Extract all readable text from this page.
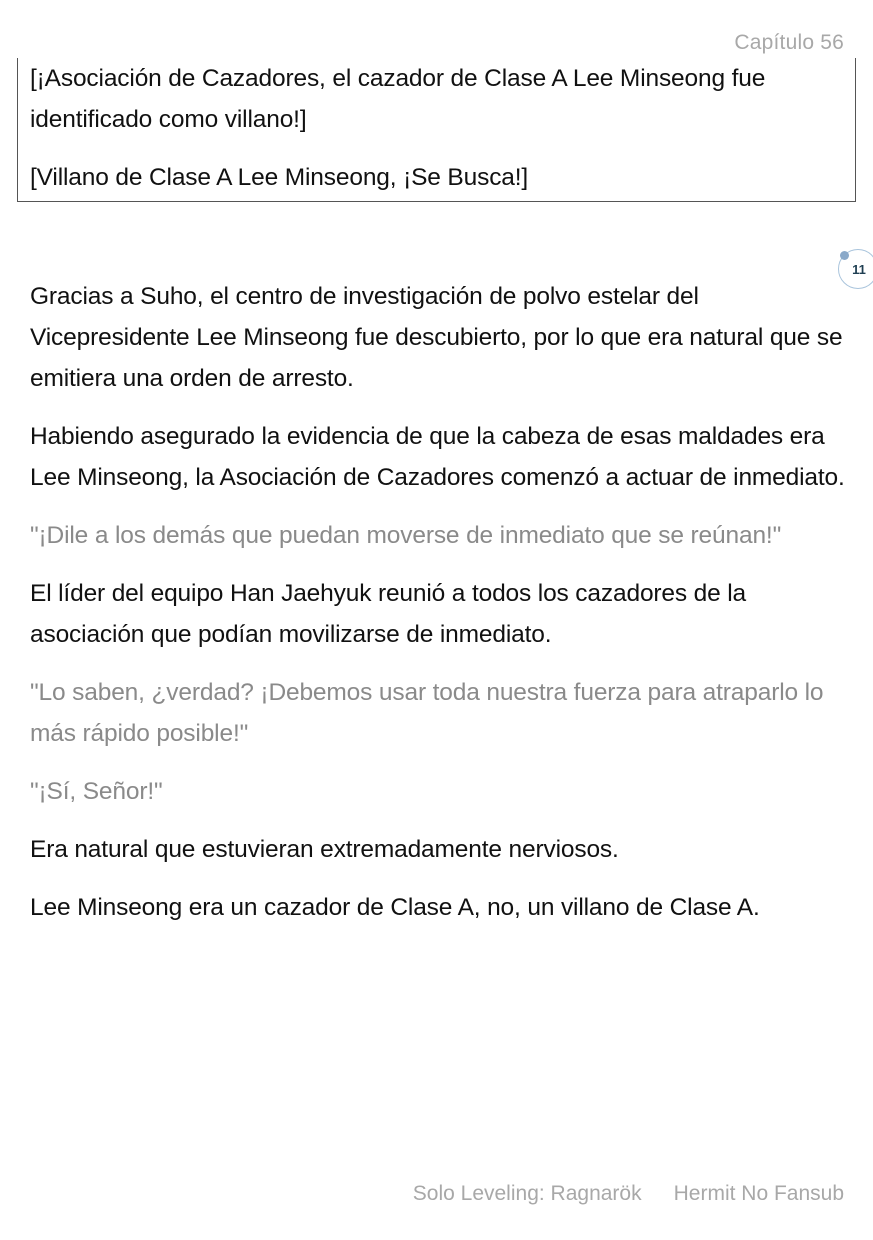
Capítulo 56

[¡Asociación de Cazadores, el cazador de Clase A Lee Minseong fue identificado como villano!]

[Villano de Clase A Lee Minseong, ¡Se Busca!]

11

Gracias a Suho, el centro de investigación de polvo estelar del Vicepresidente Lee Minseong fue descubierto, por lo que era natural que se emitiera una orden de arresto.

Habiendo asegurado la evidencia de que la cabeza de esas maldades era Lee Minseong, la Asociación de Cazadores comenzó a actuar de inmediato.

"¡Dile a los demás que puedan moverse de inmediato que se reúnan!"

El líder del equipo Han Jaehyuk reunió a todos los cazadores de la asociación que podían movilizarse de inmediato.

"Lo saben, ¿verdad? ¡Debemos usar toda nuestra fuerza para atraparlo lo más rápido posible!"

"¡Sí, Señor!"

Era natural que estuvieran extremadamente nerviosos.

Lee Minseong era un cazador de Clase A, no, un villano de Clase A.

Solo Leveling: Ragnarök Hermit No Fansub
